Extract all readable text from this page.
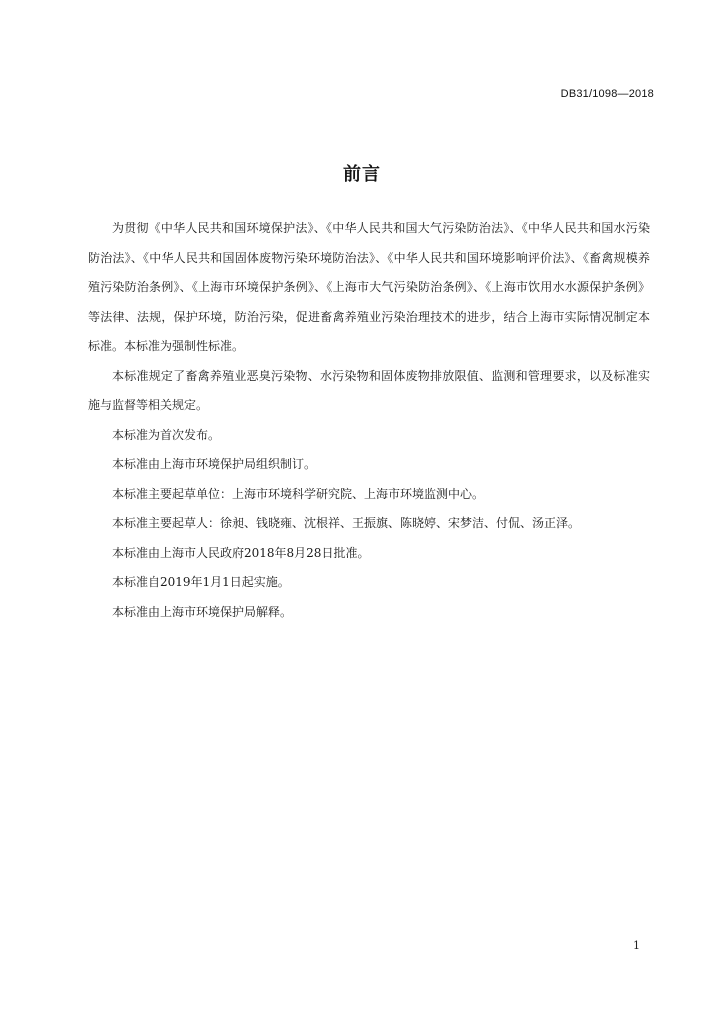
DB31/1098—2018
前言

为贯彻《中华人民共和国环境保护法》、《中华人民共和国大气污染防治法》、《中华人民共和国水污染防治法》、《中华人民共和国固体废物污染环境防治法》、《中华人民共和国环境影响评价法》、《畜禽规模养殖污染防治条例》、《上海市环境保护条例》、《上海市大气污染防治条例》、《上海市饮用水水源保护条例》等法律、法规，保护环境，防治污染，促进畜禽养殖业污染治理技术的进步，结合上海市实际情况制定本标准。本标准为强制性标准。

本标准规定了畜禽养殖业恶臭污染物、水污染物和固体废物排放限值、监测和管理要求，以及标准实施与监督等相关规定。

本标准为首次发布。

本标准由上海市环境保护局组织制订。

本标准主要起草单位：上海市环境科学研究院、上海市环境监测中心。

本标准主要起草人：徐昶、钱晓雍、沈根祥、王振旗、陈晓婷、宋梦洁、付侃、汤正泽。

本标准由上海市人民政府2018年8月28日批准。

本标准自2019年1月1日起实施。

本标准由上海市环境保护局解释。

1
